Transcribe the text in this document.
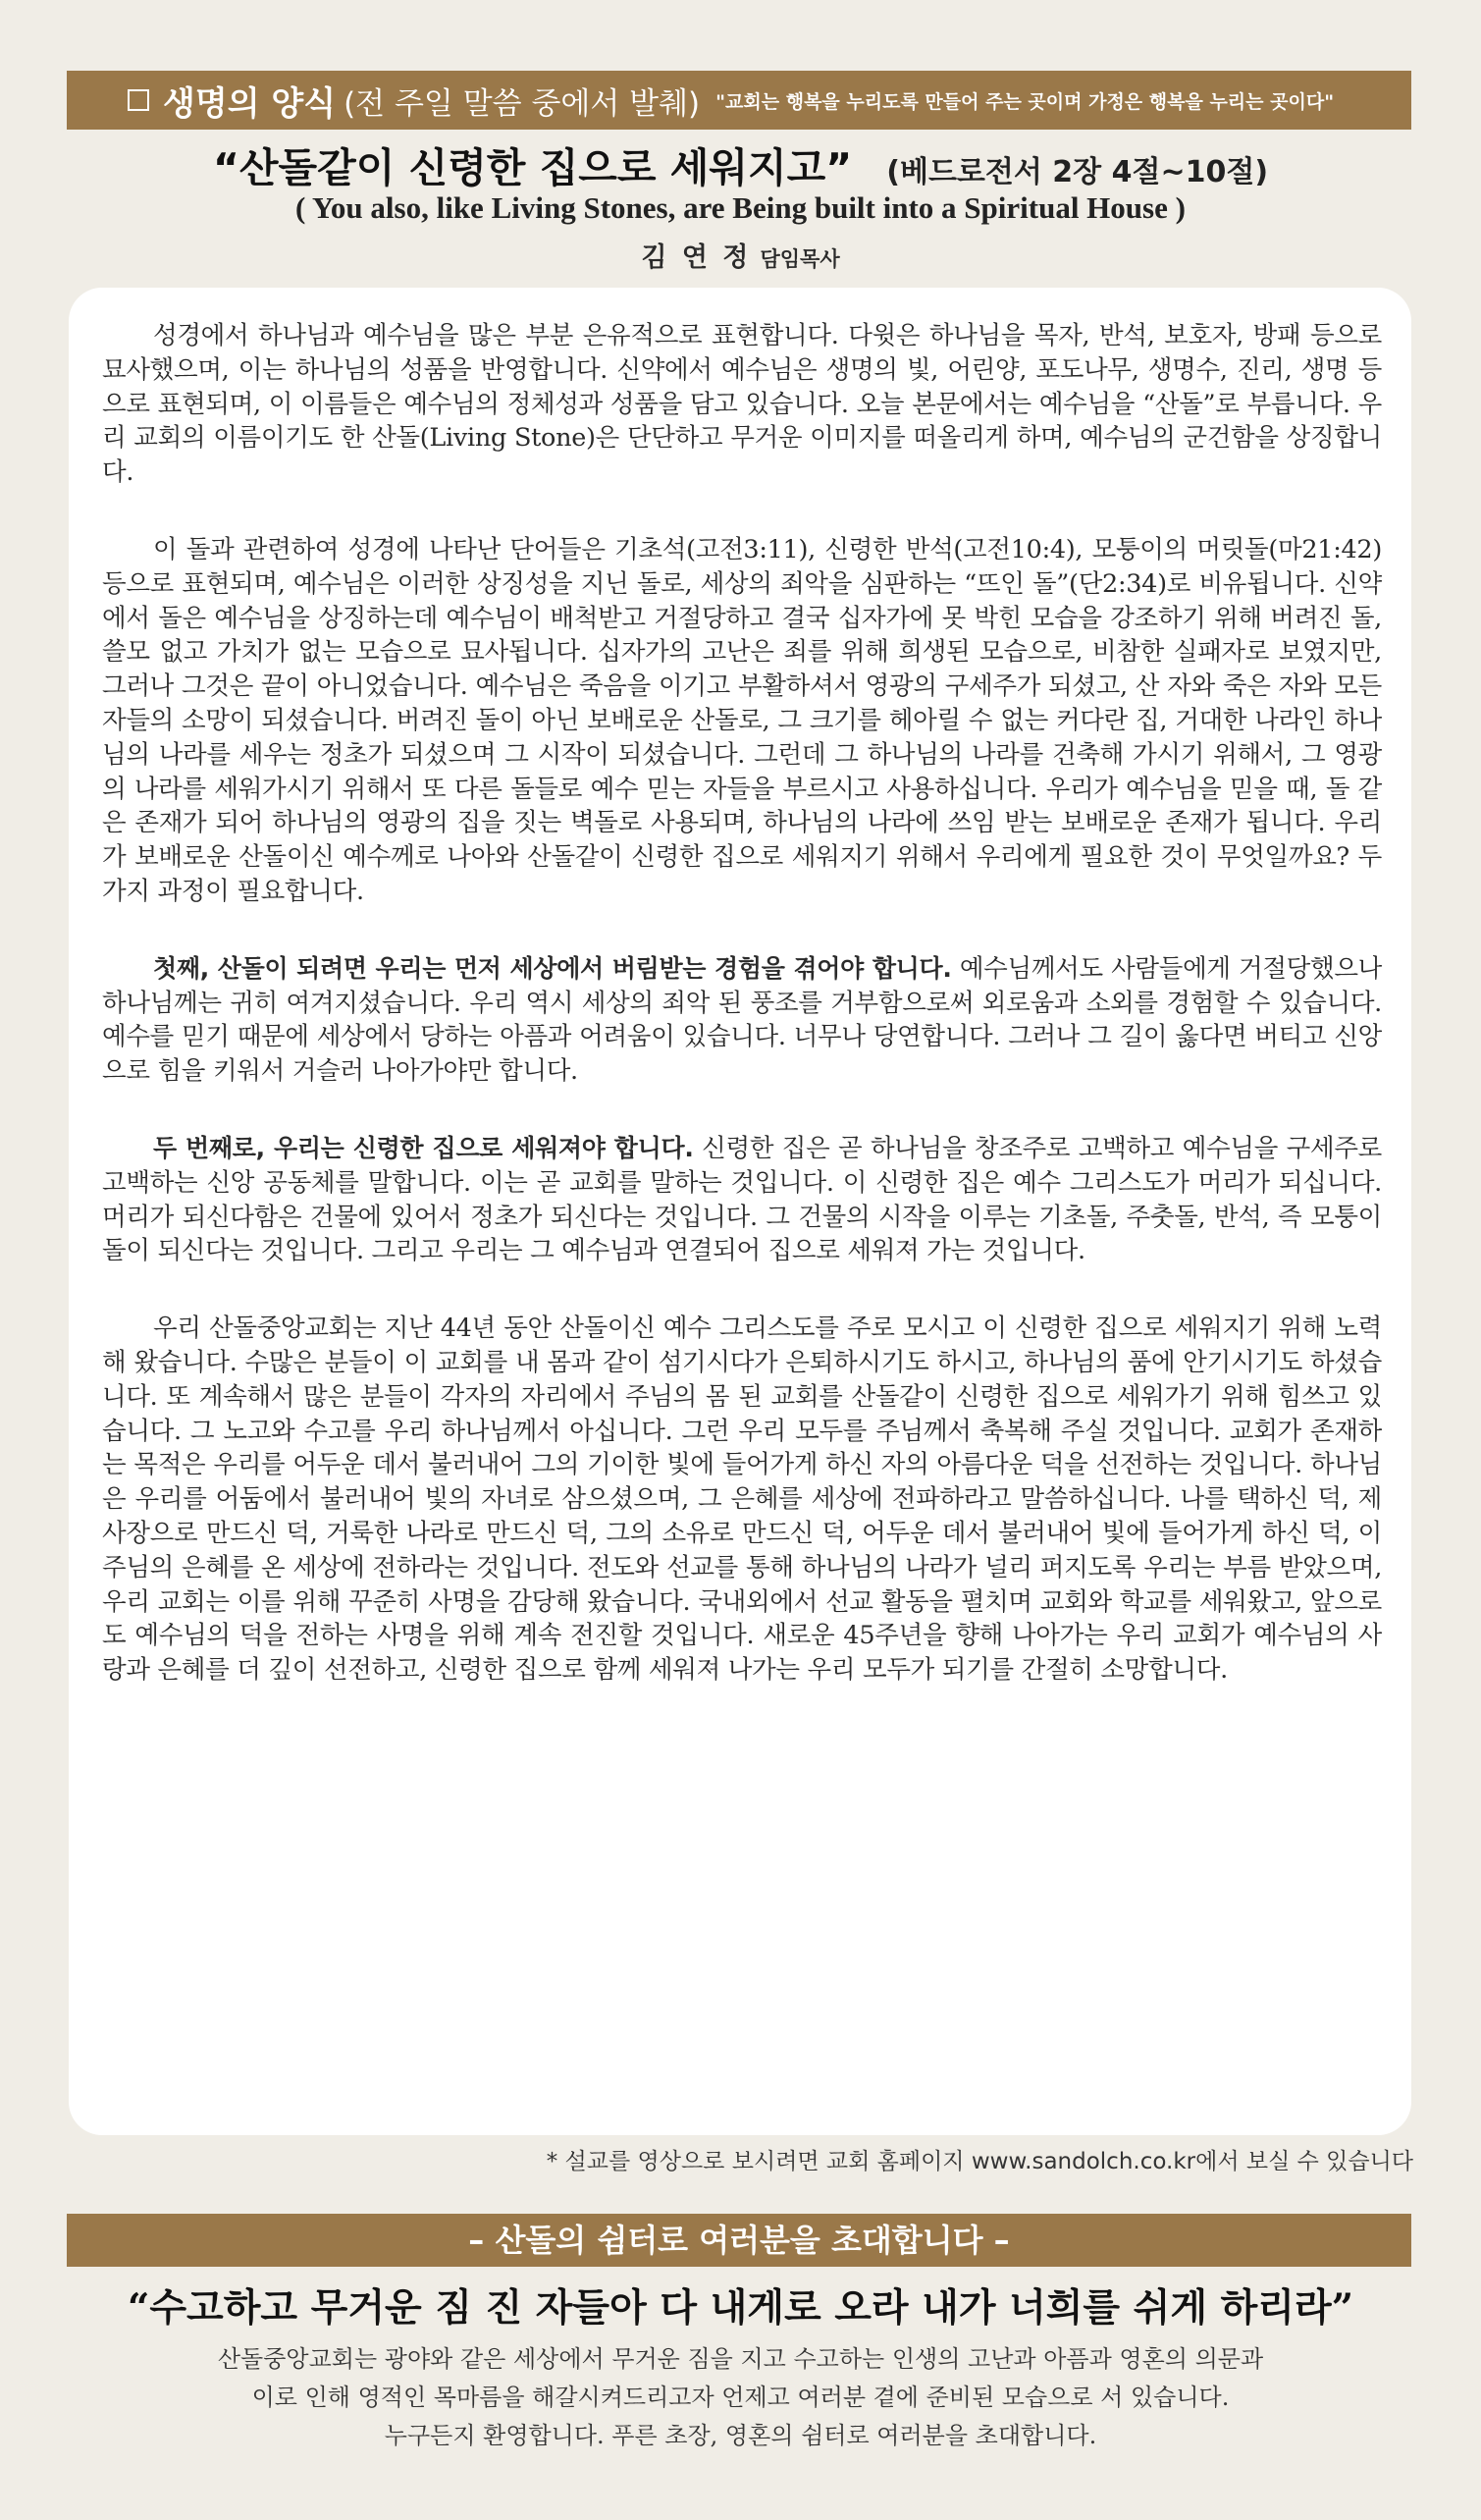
생명의 양식 (전 주일 말씀 중에서 발췌) "교회는 행복을 누리도록 만들어 주는 곳이며 가정은 행복을 누리는 곳이다"
“산돌같이 신령한 집으로 세워지고” (베드로전서 2장 4절~10절)
( You also, like Living Stones, are Being built into a Spiritual House )
김 연 정 담임목사

성경에서 하나님과 예수님을 많은 부분 은유적으로 표현합니다. 다윗은 하나님을 목자, 반석, 보호자, 방패 등으로 묘사했으며, 이는 하나님의 성품을 반영합니다. 신약에서 예수님은 생명의 빛, 어린양, 포도나무, 생명수, 진리, 생명 등으로 표현되며, 이 이름들은 예수님의 정체성과 성품을 담고 있습니다. 오늘 본문에서는 예수님을 “산돌”로 부릅니다. 우리 교회의 이름이기도 한 산돌(Living Stone)은 단단하고 무거운 이미지를 떠올리게 하며, 예수님의 군건함을 상징합니다.

이 돌과 관련하여 성경에 나타난 단어들은 기초석(고전3:11), 신령한 반석(고전10:4), 모퉁이의 머릿돌(마21:42) 등으로 표현되며, 예수님은 이러한 상징성을 지닌 돌로, 세상의 죄악을 심판하는 “뜨인 돌”(단2:34)로 비유됩니다. 신약에서 돌은 예수님을 상징하는데 예수님이 배척받고 거절당하고 결국 십자가에 못 박힌 모습을 강조하기 위해 버려진 돌, 쓸모 없고 가치가 없는 모습으로 묘사됩니다. 십자가의 고난은 죄를 위해 희생된 모습으로, 비참한 실패자로 보였지만, 그러나 그것은 끝이 아니었습니다. 예수님은 죽음을 이기고 부활하셔서 영광의 구세주가 되셨고, 산 자와 죽은 자와 모든 자들의 소망이 되셨습니다. 버려진 돌이 아닌 보배로운 산돌로, 그 크기를 헤아릴 수 없는 커다란 집, 거대한 나라인 하나님의 나라를 세우는 정초가 되셨으며 그 시작이 되셨습니다. 그런데 그 하나님의 나라를 건축해 가시기 위해서, 그 영광의 나라를 세워가시기 위해서 또 다른 돌들로 예수 믿는 자들을 부르시고 사용하십니다. 우리가 예수님을 믿을 때, 돌 같은 존재가 되어 하나님의 영광의 집을 짓는 벽돌로 사용되며, 하나님의 나라에 쓰임 받는 보배로운 존재가 됩니다. 우리가 보배로운 산돌이신 예수께로 나아와 산돌같이 신령한 집으로 세워지기 위해서 우리에게 필요한 것이 무엇일까요? 두 가지 과정이 필요합니다.

첫째, 산돌이 되려면 우리는 먼저 세상에서 버림받는 경험을 겪어야 합니다. 예수님께서도 사람들에게 거절당했으나 하나님께는 귀히 여겨지셨습니다. 우리 역시 세상의 죄악 된 풍조를 거부함으로써 외로움과 소외를 경험할 수 있습니다. 예수를 믿기 때문에 세상에서 당하는 아픔과 어려움이 있습니다. 너무나 당연합니다. 그러나 그 길이 옳다면 버티고 신앙으로 힘을 키워서 거슬러 나아가야만 합니다.

두 번째로, 우리는 신령한 집으로 세워져야 합니다. 신령한 집은 곧 하나님을 창조주로 고백하고 예수님을 구세주로 고백하는 신앙 공동체를 말합니다. 이는 곧 교회를 말하는 것입니다. 이 신령한 집은 예수 그리스도가 머리가 되십니다. 머리가 되신다함은 건물에 있어서 정초가 되신다는 것입니다. 그 건물의 시작을 이루는 기초돌, 주춧돌, 반석, 즉 모퉁이 돌이 되신다는 것입니다. 그리고 우리는 그 예수님과 연결되어 집으로 세워져 가는 것입니다.

우리 산돌중앙교회는 지난 44년 동안 산돌이신 예수 그리스도를 주로 모시고 이 신령한 집으로 세워지기 위해 노력해 왔습니다. 수많은 분들이 이 교회를 내 몸과 같이 섬기시다가 은퇴하시기도 하시고, 하나님의 품에 안기시기도 하셨습니다. 또 계속해서 많은 분들이 각자의 자리에서 주님의 몸 된 교회를 산돌같이 신령한 집으로 세워가기 위해 힘쓰고 있습니다. 그 노고와 수고를 우리 하나님께서 아십니다. 그런 우리 모두를 주님께서 축복해 주실 것입니다. 교회가 존재하는 목적은 우리를 어두운 데서 불러내어 그의 기이한 빛에 들어가게 하신 자의 아름다운 덕을 선전하는 것입니다. 하나님은 우리를 어둠에서 불러내어 빛의 자녀로 삼으셨으며, 그 은혜를 세상에 전파하라고 말씀하십니다. 나를 택하신 덕, 제사장으로 만드신 덕, 거룩한 나라로 만드신 덕, 그의 소유로 만드신 덕, 어두운 데서 불러내어 빛에 들어가게 하신 덕, 이 주님의 은혜를 온 세상에 전하라는 것입니다. 전도와 선교를 통해 하나님의 나라가 널리 퍼지도록 우리는 부름 받았으며, 우리 교회는 이를 위해 꾸준히 사명을 감당해 왔습니다. 국내외에서 선교 활동을 펼치며 교회와 학교를 세워왔고, 앞으로도 예수님의 덕을 전하는 사명을 위해 계속 전진할 것입니다. 새로운 45주년을 향해 나아가는 우리 교회가 예수님의 사랑과 은혜를 더 깊이 선전하고, 신령한 집으로 함께 세워져 나가는 우리 모두가 되기를 간절히 소망합니다.

* 설교를 영상으로 보시려면 교회 홈페이지 www.sandolch.co.kr에서 보실 수 있습니다
– 산돌의 쉼터로 여러분을 초대합니다 –
“수고하고 무거운 짐 진 자들아 다 내게로 오라 내가 너희를 쉬게 하리라”
산돌중앙교회는 광야와 같은 세상에서 무거운 짐을 지고 수고하는 인생의 고난과 아픔과 영혼의 의문과
이로 인해 영적인 목마름을 해갈시켜드리고자 언제고 여러분 곁에 준비된 모습으로 서 있습니다.
누구든지 환영합니다. 푸른 초장, 영혼의 쉼터로 여러분을 초대합니다.
